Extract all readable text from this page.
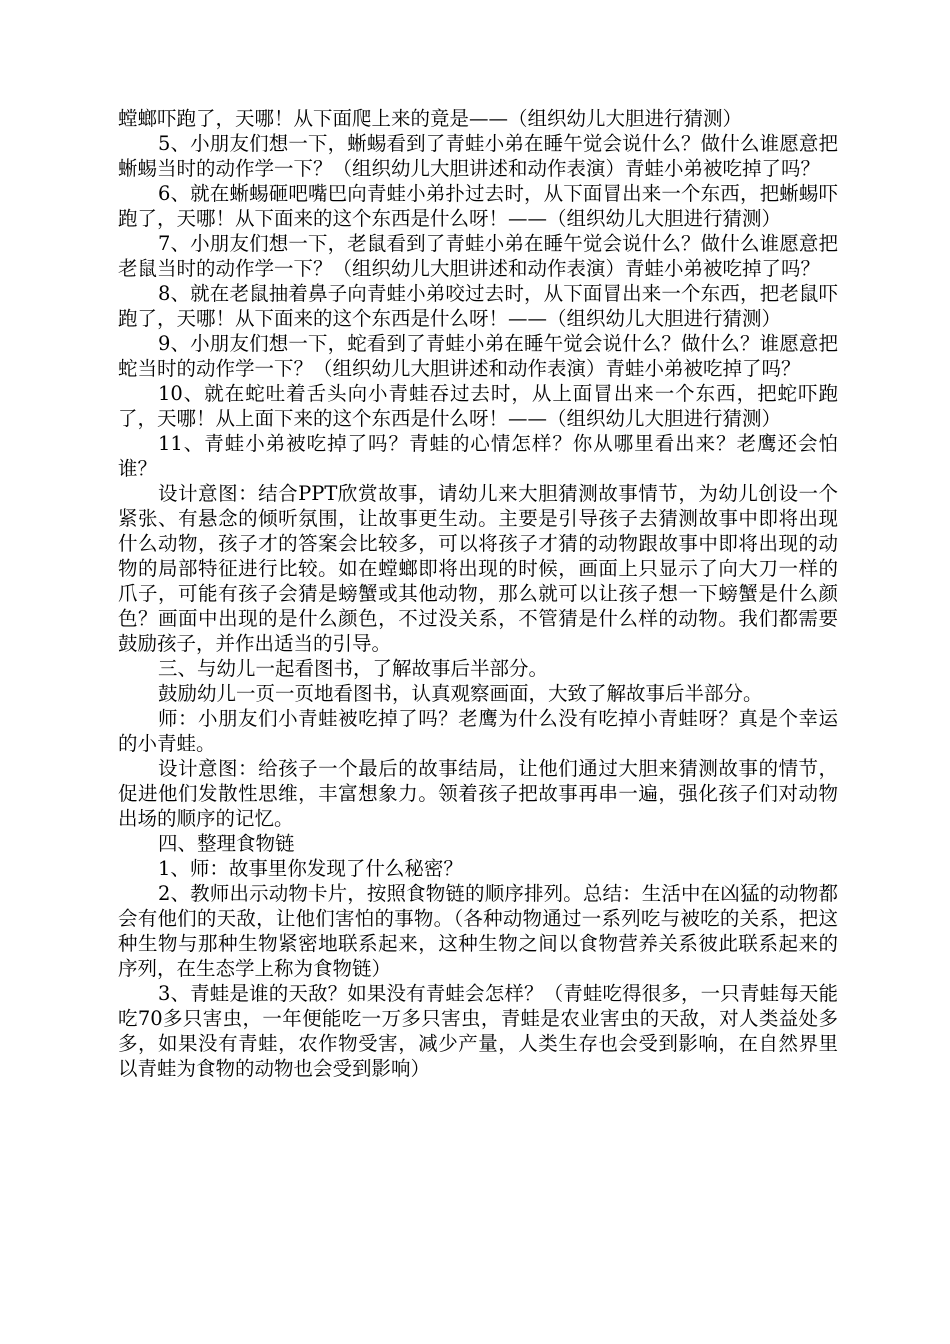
螳螂吓跑了，天哪！从下面爬上来的竟是——（组织幼儿大胆进行猜测）

5、小朋友们想一下，蜥蜴看到了青蛙小弟在睡午觉会说什么？做什么谁愿意把蜥蜴当时的动作学一下？（组织幼儿大胆讲述和动作表演）青蛙小弟被吃掉了吗？

6、就在蜥蜴砸吧嘴巴向青蛙小弟扑过去时，从下面冒出来一个东西，把蜥蜴吓跑了，天哪！从下面来的这个东西是什么呀！——（组织幼儿大胆进行猜测）

7、小朋友们想一下，老鼠看到了青蛙小弟在睡午觉会说什么？做什么谁愿意把老鼠当时的动作学一下？（组织幼儿大胆讲述和动作表演）青蛙小弟被吃掉了吗？

8、就在老鼠抽着鼻子向青蛙小弟咬过去时，从下面冒出来一个东西，把老鼠吓跑了，天哪！从下面来的这个东西是什么呀！——（组织幼儿大胆进行猜测）

9、小朋友们想一下，蛇看到了青蛙小弟在睡午觉会说什么？做什么？谁愿意把蛇当时的动作学一下？（组织幼儿大胆讲述和动作表演）青蛙小弟被吃掉了吗？

10、就在蛇吐着舌头向小青蛙吞过去时，从上面冒出来一个东西，把蛇吓跑了，天哪！从上面下来的这个东西是什么呀！——（组织幼儿大胆进行猜测）

11、青蛙小弟被吃掉了吗？青蛙的心情怎样？你从哪里看出来？老鹰还会怕谁？

设计意图：结合PPT欣赏故事，请幼儿来大胆猜测故事情节，为幼儿创设一个紧张、有悬念的倾听氛围，让故事更生动。主要是引导孩子去猜测故事中即将出现什么动物，孩子才的答案会比较多，可以将孩子才猜的动物跟故事中即将出现的动物的局部特征进行比较。如在螳螂即将出现的时候，画面上只显示了向大刀一样的爪子，可能有孩子会猜是螃蟹或其他动物，那么就可以让孩子想一下螃蟹是什么颜色？画面中出现的是什么颜色，不过没关系，不管猜是什么样的动物。我们都需要鼓励孩子，并作出适当的引导。

三、与幼儿一起看图书，了解故事后半部分。

鼓励幼儿一页一页地看图书，认真观察画面，大致了解故事后半部分。

师：小朋友们小青蛙被吃掉了吗？老鹰为什么没有吃掉小青蛙呀？真是个幸运的小青蛙。

设计意图：给孩子一个最后的故事结局，让他们通过大胆来猜测故事的情节，促进他们发散性思维，丰富想象力。领着孩子把故事再串一遍，强化孩子们对动物出场的顺序的记忆。

四、整理食物链

1、师：故事里你发现了什么秘密？

2、教师出示动物卡片，按照食物链的顺序排列。总结：生活中在凶猛的动物都会有他们的天敌，让他们害怕的事物。（各种动物通过一系列吃与被吃的关系，把这种生物与那种生物紧密地联系起来，这种生物之间以食物营养关系彼此联系起来的序列，在生态学上称为食物链）

3、青蛙是谁的天敌？如果没有青蛙会怎样？（青蛙吃得很多，一只青蛙每天能吃70多只害虫，一年便能吃一万多只害虫，青蛙是农业害虫的天敌，对人类益处多多，如果没有青蛙，农作物受害，减少产量，人类生存也会受到影响，在自然界里以青蛙为食物的动物也会受到影响）
